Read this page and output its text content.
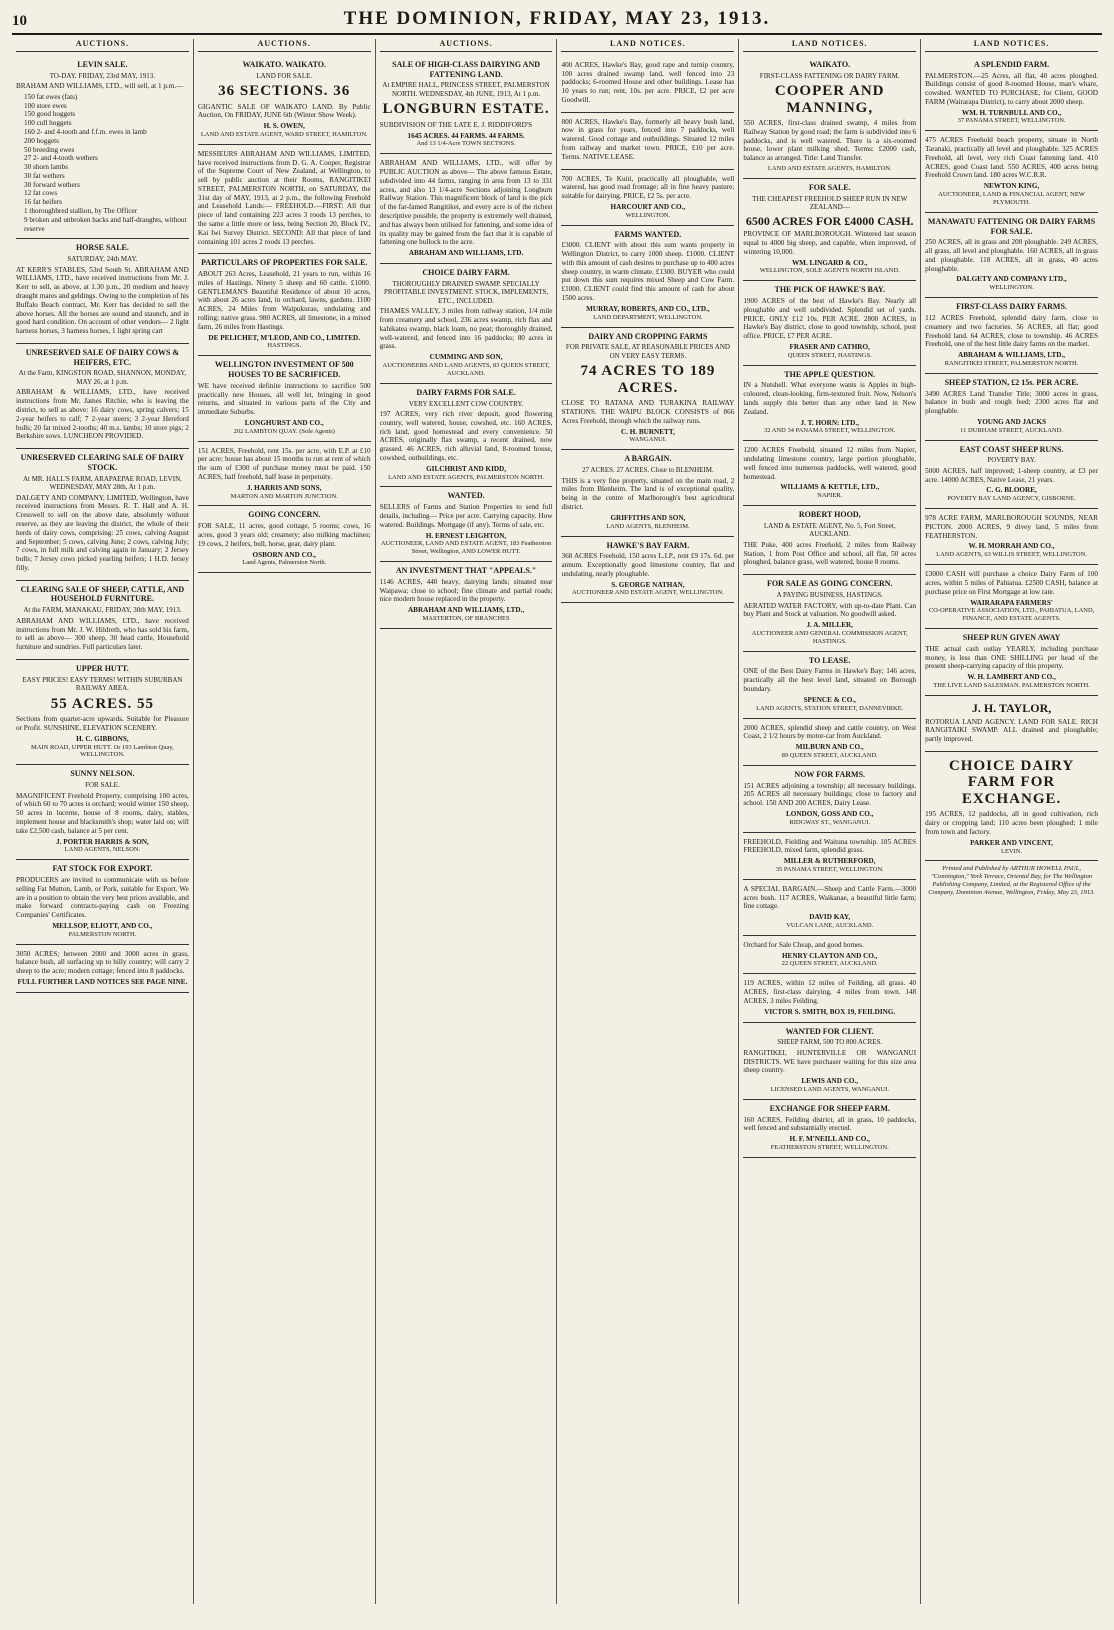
10	THE DOMINION, FRIDAY, MAY 23, 1913.
AUCTIONS.
LEVIN SALE.
TO-DAY. FRIDAY, 23rd MAY, 1913.
BRAHAM AND WILLIAMS, LTD., will sell, at 1 p.m.—
150 fat ewes (fats)
100 store ewes
150 good hoggets
100 cull hoggets
160 2- and 4-tooth and f.f.m. ewes in lamb
200 hoggets
50 breeding ewes
27 2- and 4-tooth wethers
30 shorn lambs
30 fat wethers
30 forward wethers
12 fat cows
16 fat heifers
1 thoroughbred stallion, by The Officer
9 broken and unbroken hacks and half-draughts, without reserve
HORSE SALE.
SATURDAY, 24th MAY.
AT KERR'S STABLES, 53rd South St. ABRAHAM AND WILLIAMS, LTD., have received instructions from Mr. J. Kerr to sell, as above, at 1.30 p.m., 20 medium and heavy draught mares and geldings. Owing to the completion of his Buffalo Beach contract, Mr. Kerr has decided to sell the above horses. All the horses are sound and staunch, and in good hard condition. On account of other vendors— 2 light harness horses, 3 harness horses, 1 light spring cart
UNRESERVED SALE OF DAIRY COWS & HEIFERS, ETC.
At the Farm, KINGSTON ROAD, SHANNON, MONDAY, MAY 26, at 1 p.m.
ABRAHAM & WILLIAMS, LTD., have received instructions from Mr. James Ritchie, who is leaving the district, to sell as above: 16 dairy cows, spring calvers; 15 2-year heifers to calf; 7 2-year steers; 3 2-year Hereford bulls; 20 fat mixed 2-tooths; 40 m.s. lambs; 10 store pigs; 2 Berkshire sows. LUNCHEON PROVIDED.
UNRESERVED CLEARING SALE OF DAIRY STOCK.
At MR. HALL'S FARM, ARAPAEPAE ROAD, LEVIN. WEDNESDAY, MAY 28th, At 1 p.m.
DALGETY AND COMPANY, LIMITED, Wellington, have received instructions from Messrs. R. T. Hall and A. H. Cresswell to sell on the above date, absolutely without reserve, as they are leaving the district, the whole of their herds of dairy cows, comprising: 25 cows, calving August and September; 5 cows, calving June; 2 cows, calving July; 7 cows, in full milk and calving again in January; 2 Jersey bulls; 7 Jersey cows picked yearling heifers; 1 H.D. Jersey filly.
CLEARING SALE OF SHEEP, CATTLE, AND HOUSEHOLD FURNITURE.
At the FARM, MANAKAU, FRIDAY, 30th MAY, 1913.
ABRAHAM AND WILLIAMS, LTD., have received instructions from Mr. J. W. Hildreth, who has sold his farm, to sell as above— 300 sheep, 30 head cattle, Household furniture and sundries. Full particulars later.
UPPER HUTT.
EASY PRICES! EASY TERMS! WITHIN SUBURBAN RAILWAY AREA.
55 ACRES. 55
Sections from quarter-acre upwards. Suitable for Pleasure or Profit. SUNSHINE, ELEVATION SCENERY.
H. C. GIBBONS,
MAIN ROAD, UPPER HUTT. Or 193 Lambton Quay, WELLINGTON.
SUNNY NELSON.
FOR SALE.
MAGNIFICENT Freehold Property, comprising 100 acres, of which 60 to 70 acres is orchard; would winter 150 sheep, 50 acres in lucerne, house of 8 rooms, dairy, stables, implement house and blacksmith's shop; water laid on; will take £2,500 cash, balance at 5 per cent.
J. PORTER HARRIS & SON,
LAND AGENTS, NELSON.
FAT STOCK FOR EXPORT.
PRODUCERS are invited to communicate with us before selling Fat Mutton, Lamb, or Pork, suitable for Export. We are in a position to obtain the very best prices available, and make forward contracts-paying cash on Freezing Companies' Certificates.
MELLSOP, ELIOTT, AND CO.,
PALMERSTON NORTH.
3050 ACRES; between 2000 and 3000 acres in grass, balance bush, all surfacing up to hilly country; will carry 2 sheep to the acre; modern cottage; fenced into 8 paddocks.
FULL FURTHER LAND NOTICES SEE PAGE NINE.
AUCTIONS.
WAIKATO. WAIKATO.
LAND FOR SALE.
36 SECTIONS. 36
GIGANTIC SALE OF WAIKATO LAND. By Public Auction, On FRIDAY, JUNE 6th (Winter Show Week).
H. S. OWEN,
LAND AND ESTATE AGENT, WARD STREET, HAMILTON.
MESSIEURS ABRAHAM AND WILLIAMS, LIMITED, have received instructions from D. G. A. Cooper, Registrar of the Supreme Court of New Zealand, at Wellington, to sell by public auction at their Rooms, RANGITIKEI STREET, PALMERSTON NORTH, on SATURDAY, the 31st day of MAY, 1913, at 2 p.m., the following Freehold and Leasehold Lands:— FREEHOLD.—FIRST: All that piece of land containing 223 acres 3 roods 13 perches, to the same a little more or less, being Section 20, Block IV., Kai Iwi Survey District. SECOND: All that piece of land containing 101 acres 2 roods 13 perches.
PARTICULARS OF PROPERTIES FOR SALE.
ABOUT 263 Acres, Leasehold, 21 years to run, within 16 miles of Hastings. Ninety 5 sheep and 60 cattle. £1000. GENTLEMAN'S Beautiful Residence of about 10 acres, with about 26 acres land, in orchard, lawns, gardens. 1100 ACRES, 24 Miles from Waipukurau, undulating and rolling; native grass. 980 ACRES, all limestone, in a mixed farm, 26 miles from Hastings.
DE PELICHET, M'LEOD, AND CO., LIMITED.
HASTINGS.
WELLINGTON INVESTMENT OF 500 HOUSES TO BE SACRIFICED.
WE have received definite instructions to sacrifice 500 practically new Houses, all well let, bringing in good returns, and situated in various parts of the City and immediate Suburbs.
LONGHURST AND CO.,
202 LAMBTON QUAY. (Sole Agents)
151 ACRES, Freehold, rent 15s. per acre, with E.P. at £10 per acre; house has about 15 months to run at rent of which the sum of £300 of purchase money must be paid. 150 ACRES, half freehold, half lease in perpetuity.
J. HARRIS AND SONS,
MARTON AND MARTON JUNCTION.
GOING CONCERN.
FOR SALE, 11 acres, good cottage, 5 rooms; cows, 16 acres, good 3 years old; creamery; also milking machines; 19 cows, 2 heifers, bull, horse, gear, dairy plant.
OSBORN AND CO.,
Land Agents, Palmerston North.
AUCTIONS.
SALE OF HIGH-CLASS DAIRYING AND FATTENING LAND.
At EMPIRE HALL, PRINCESS STREET, PALMERSTON NORTH. WEDNESDAY, 4th JUNE, 1913, At 1 p.m.
LONGBURN ESTATE.
SUBDIVISION OF THE LATE E. J. RIDDIFORD'S
1645 ACRES. 44 FARMS. 44 FARMS.
And 13 1/4-Acre TOWN SECTIONS.
ABRAHAM AND WILLIAMS, LTD., will offer by PUBLIC AUCTION as above— The above famous Estate, subdivided into 44 farms, ranging in area from 13 to 331 acres, and also 13 1/4-acre Sections adjoining Longburn Railway Station. This magnificent block of land is the pick of the far-famed Rangitikei, and every acre is of the richest descriptive possible, the property is extremely well drained, and has always been utilised for fattening, and some idea of its quality may be gained from the fact that it is capable of fattening one bullock to the acre.
ABRAHAM AND WILLIAMS, LTD.
CHOICE DAIRY FARM.
THOROUGHLY DRAINED SWAMP. SPECIALLY PROFITABLE INVESTMENT. STOCK, IMPLEMENTS, ETC., INCLUDED.
THAMES VALLEY, 3 miles from railway station, 1/4 mile from creamery and school, 236 acres swamp, rich flax and kahikatea swamp, black loam, no peat; thoroughly drained, well-watered, and fenced into 16 paddocks; 80 acres in grass.
CUMMING AND SON,
AUCTIONEERS AND LAND AGENTS, 83 QUEEN STREET, AUCKLAND.
DAIRY FARMS FOR SALE.
VERY EXCELLENT COW COUNTRY.
197 ACRES, very rich river deposit, good flowering country, well watered, house, cowshed, etc. 160 ACRES, rich land, good homestead and every convenience. 50 ACRES, originally flax swamp, a recent drained, now grassed. 46 ACRES, rich alluvial land, 8-roomed house, cowshed, outbuildings, etc.
GILCHRIST AND KIDD,
LAND AND ESTATE AGENTS, PALMERSTON NORTH.
WANTED.
SELLERS of Farms and Station Properties to send full details, including— Price per acre. Carrying capacity. How watered. Buildings. Mortgage (if any). Terms of sale, etc.
H. ERNEST LEIGHTON,
AUCTIONEER, LAND AND ESTATE AGENT, 183 Featherston Street, Wellington, AND LOWER HUTT.
AN INVESTMENT THAT "APPEALS."
1146 ACRES, 440 heavy, dairying lands; situated near Waipawa; close to school; fine climate and partial roads; nice modern house replaced in the property.
ABRAHAM AND WILLIAMS, LTD.,
MASTERTON, OF BRANCHES
LAND NOTICES.
400 ACRES, Hawke's Bay, good rape and turnip country, 100 acres drained swamp land, well fenced into 23 paddocks; 6-roomed House and other buildings. Lease has 10 years to run; rent, 10s. per acre. PRICE, £2 per acre Goodwill.
800 ACRES, Hawke's Bay, formerly all heavy bush land, now in grass for years, fenced into 7 paddocks, well watered. Good cottage and outbuildings. Situated 12 miles from railway and market town. PRICE, £10 per acre. Terms. NATIVE LEASE.
700 ACRES, Te Kuiti, practically all ploughable, well watered, has good road frontage; all in fine heavy pasture; suitable for dairying. PRICE, £2 5s. per acre.
HARCOURT AND CO.,
WELLINGTON.
FARMS WANTED.
£3000. CLIENT with about this sum wants property in Wellington District, to carry 1000 sheep. £1000. CLIENT with this amount of cash desires to purchase up to 400 acres sheep country, in warm climate. £1300. BUYER who could put down this sum requires mixed Sheep and Cow Farm. £1000. CLIENT could find this amount of cash for about 1500 acres.
MURRAY, ROBERTS, AND CO., LTD.,
LAND DEPARTMENT, WELLINGTON.
DAIRY AND CROPPING FARMS
FOR PRIVATE SALE, AT REASONABLE PRICES AND ON VERY EASY TERMS.
74 ACRES TO 189 ACRES.
CLOSE TO RATANA AND TURAKINA RAILWAY STATIONS. THE WAIPU BLOCK CONSISTS of 866 Acres Freehold, through which the railway runs.
C. H. BURNETT,
WANGANUI.
A BARGAIN.
27 ACRES. 27 ACRES. Close to BLENHEIM.
THIS is a very fine property, situated on the main road, 2 miles from Blenheim. The land is of exceptional quality, being in the centre of Marlborough's best agricultural district.
GRIFFITHS AND SON,
LAND AGENTS, BLENHEIM.
HAWKE'S BAY FARM.
368 ACRES Freehold, 150 acres L.I.P., rent £9 17s. 6d. per annum. Exceptionally good limestone country, flat and undulating, nearly ploughable.
S. GEORGE NATHAN,
AUCTIONEER AND ESTATE AGENT, WELLINGTON.
LAND NOTICES.
WAIKATO.
FIRST-CLASS FATTENING OR DAIRY FARM.
COOPER AND MANNING,
550 ACRES, first-class drained swamp, 4 miles from Railway Station by good road; the farm is subdivided into 6 paddocks, and is well watered. There is a six-roomed house, lower plant milking shed. Terms: £2000 cash, balance as arranged. Title: Land Transfer.
LAND AND ESTATE AGENTS, HAMILTON.
FOR SALE.
THE CHEAPEST FREEHOLD SHEEP RUN IN NEW ZEALAND—
6500 ACRES FOR £4000 CASH.
PROVINCE OF MARLBOROUGH. Wintered last season equal to 4000 big sheep, and capable, when improved, of wintering 10,000.
WM. LINGARD & CO.,
WELLINGTON, SOLE AGENTS NORTH ISLAND.
THE PICK OF HAWKE'S BAY.
1900 ACRES of the best of Hawke's Bay. Nearly all ploughable and well subdivided. Splendid set of yards. PRICE, ONLY £12 10s. PER ACRE. 2800 ACRES, in Hawke's Bay district, close to good township, school, post office. PRICE, £7 PER ACRE.
FRASER AND CATHRO,
QUEEN STREET, HASTINGS.
THE APPLE QUESTION.
IN a Nutshell. What everyone wants is Apples in high-coloured, clean-looking, firm-textured fruit. Now, Nelson's lands supply this better than any other land in New Zealand.
J. T. HORN: LTD.,
32 AND 34 PANAMA STREET, WELLINGTON.
1200 ACRES Freehold, situated 12 miles from Napier, undulating limestone country, large portion ploughable, well fenced into numerous paddocks, well watered, good homestead.
WILLIAMS & KETTLE, LTD.,
NAPIER.
ROBERT HOOD,
LAND & ESTATE AGENT, No. 5, Fort Street, AUCKLAND.
THE Puke, 400 acres Freehold, 2 miles from Railway Station, 1 from Post Office and school, all flat, 50 acres ploughed, balance grass, well watered, house 8 rooms.
FOR SALE AS GOING CONCERN.
A PAYING BUSINESS, HASTINGS.
AERATED WATER FACTORY, with up-to-date Plant. Can buy Plant and Stock at valuation. No goodwill asked.
J. A. MILLER,
AUCTIONEER AND GENERAL COMMISSION AGENT, HASTINGS.
TO LEASE.
ONE of the Best Dairy Farms in Hawke's Bay; 146 acres, practically all the best level land, situated on Borough boundary.
SPENCE & CO.,
LAND AGENTS, STATION STREET, DANNEVIRKE.
2000 ACRES, splendid sheep and cattle country, on West Coast, 2 1/2 hours by motor-car from Auckland.
MILBURN AND CO.,
89 QUEEN STREET, AUCKLAND.
NOW FOR FARMS.
151 ACRES adjoining a township; all necessary buildings. 205 ACRES all necessary buildings; close to factory and school. 150 AND 200 ACRES, Dairy Lease.
LONDON, GOSS AND CO.,
RIDGWAY ST., WANGANUI.
FREEHOLD, Fielding and Waituna township. 185 ACRES FREEHOLD, mixed farm, splendid grass.
MILLER & RUTHERFORD,
35 PANAMA STREET, WELLINGTON.
A SPECIAL BARGAIN.—Sheep and Cattle Farm.—3000 acres bush. 117 ACRES, Waikanae, a beautiful little farm; fine cottage.
DAVID KAY,
VULCAN LANE, AUCKLAND.
Orchard for Sale Cheap, and good homes.
HENRY CLAYTON AND CO.,
22 QUEEN STREET, AUCKLAND.
119 ACRES, within 12 miles of Feilding, all grass. 40 ACRES, first-class dairying, 4 miles from town. 148 ACRES, 3 miles Feilding.
VICTOR S. SMITH, BOX 19, FEILDING.
WANTED FOR CLIENT.
SHEEP FARM, 500 TO 800 ACRES.
RANGITIKEI, HUNTERVILLE OR WANGANUI DISTRICTS. WE have purchaser waiting for this size area sheep country.
LEWIS AND CO.,
LICENSED LAND AGENTS, WANGANUI.
EXCHANGE FOR SHEEP FARM.
160 ACRES, Feilding district, all in grass, 10 paddocks, well fenced and substantially erected.
H. F. M'NEILL AND CO.,
FEATHERSTON STREET, WELLINGTON.
LAND NOTICES.
A SPLENDID FARM.
PALMERSTON.—25 Acres, all flat, 40 acres ploughed. Buildings consist of good 8-roomed House, man's whare, cowshed. WANTED TO PURCHASE, for Client, GOOD FARM (Wairarapa District), to carry about 2000 sheep.
WM. H. TURNBULL AND CO.,
37 PANAMA STREET, WELLINGTON.
475 ACRES Freehold beach property, situate in North Taranaki, practically all level and ploughable. 325 ACRES Freehold, all level, very rich Coast fattening land. 410 ACRES, good Coast land. 550 ACRES, 400 acres being Freehold Crown land. 180 acres W.C.R.R.
NEWTON KING,
AUCTIONEER, LAND & FINANCIAL AGENT, NEW PLYMOUTH.
MANAWATU FATTENING OR DAIRY FARMS FOR SALE.
250 ACRES, all in grass and 200 ploughable. 249 ACRES, all grass, all level and ploughable. 160 ACRES, all in grass and ploughable. 118 ACRES, all in grass, 40 acres ploughable.
DALGETY AND COMPANY LTD.,
WELLINGTON.
FIRST-CLASS DAIRY FARMS.
112 ACRES Freehold, splendid dairy farm, close to creamery and two factories. 56 ACRES, all flat; good Freehold land. 64 ACRES, close to township. 46 ACRES Freehold, one of the best little dairy farms on the market.
ABRAHAM & WILLIAMS, LTD.,
RANGITIKEI STREET, PALMERSTON NORTH.
SHEEP STATION, £2 15s. PER ACRE.
3490 ACRES Land Transfer Title; 3000 acres in grass, balance in bush and rough feed; 2300 acres flat and ploughable.
YOUNG AND JACKS
11 DURHAM STREET, AUCKLAND.
EAST COAST SHEEP RUNS.
POVERTY BAY.
5000 ACRES, half improved; 1-sheep country, at £3 per acre. 14000 ACRES, Native Lease, 21 years.
C. G. BLOORE,
POVERTY BAY LAND AGENCY, GISBORNE.
978 ACRE FARM, MARLBOROUGH SOUNDS, NEAR PICTON. 2000 ACRES, 9 divey land, 5 miles from FEATHERSTON.
W. H. MORRAH AND CO.,
LAND AGENTS, 63 WILLIS STREET, WELLINGTON.
£3000 CASH will purchase a choice Dairy Farm of 100 acres, within 5 miles of Pahiatua. £2500 CASH, balance at purchase price on First Mortgage at low rate.
WAIRARAPA FARMERS'
CO-OPERATIVE ASSOCIATION, LTD., PAHIATUA, LAND, FINANCE, AND ESTATE AGENTS.
SHEEP RUN GIVEN AWAY
THE actual cash outlay YEARLY, including purchase money, is less than ONE SHILLING per head of the present sheep-carrying capacity of this property.
W. H. LAMBERT AND CO.,
THE LIVE LAND SALESMAN. PALMERSTON NORTH.
J. H. TAYLOR,
ROTORUA LAND AGENCY. LAND FOR SALE. RICH RANGITAIKI SWAMP. ALL drained and ploughable; partly improved.
CHOICE DAIRY FARM FOR EXCHANGE.
195 ACRES, 12 paddocks, all in good cultivation, rich dairy or cropping land; 110 acres been ploughed; 1 mile from town and factory.
PARKER AND VINCENT,
LEVIN.
Printed and Published by ARTHUR HOWELL PAUL, "Connington," York Terrace, Oriental Bay, for The Wellington Publishing Company, Limited, at the Registered Office of the Company, Dominion Avenue, Wellington, Friday, May 23, 1913.
